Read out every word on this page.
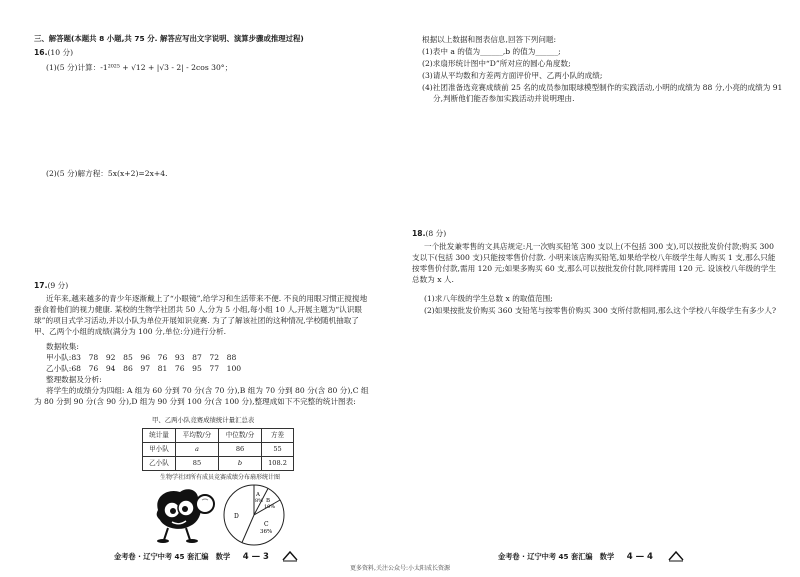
三、解答题(本题共 8 小题,共 75 分. 解答应写出文字说明、演算步骤或推理过程)
16.(10 分)
(1)(5 分)计算：-1²⁰²⁵ + √12 + |√3 - 2| - 2cos 30°；
(2)(5 分)解方程：5x(x+2)=2x+4.
17.(9 分)
近年来,越来越多的青少年逐渐戴上了“小眼镜”,给学习和生活带来不便. 不良的用眼习惯正搅搅地蚕食着他们的视力健康. 某校的生物学社团共 50 人,分为 5 小组,每小组 10 人,开展主题为“认识眼球”的项目式学习活动,并以小队为单位开展知识竞赛. 为了了解该社团的这种情况,学校随机抽取了甲、乙两个小组的成绩(满分为 100 分,单位:分)进行分析.
数据收集:
甲小队:83　78　92　85　96　76　93　87　72　88
乙小队:68　76　94　86　97　81　76　95　77　100
整理数据及分析:
将学生的成绩分为四组: A 组为 60 分到 70 分(含 70 分),B 组为 70 分到 80 分(含 80 分),C 组为 80 分到 90 分(含 90 分),D 组为 90 分到 100 分(含 100 分),整理成如下不完整的统计图表:
甲、乙两小队竞赛成绩统计量汇总表
统计量	平均数/分	中位数/分	方差
甲小队	a	86	55
乙小队	85	b	108.2
生物学社团所有成员竞赛成绩分布扇形统计图
A
8% B
10%
C
36%
D
金考卷 · 辽宁中考 45 套汇编　数学 4 — 3
根据以上数据和图表信息,回答下列问题:
(1)表中 a 的值为______,b 的值为______;
(2)求扇形统计图中“D”所对应的圆心角度数;
(3)请从平均数和方差两方面评价甲、乙两小队的成绩;
(4)社团准备选竞赛成绩前 25 名的成员参加眼球模型制作的实践活动,小明的成绩为 88 分,小亮的成绩为 91 分,判断他们能否参加实践活动并说明理由.
18.(8 分)
一个批发兼零售的文具店规定:凡一次购买铅笔 300 支以上(不包括 300 支),可以按批发价付款;购买 300 支以下(包括 300 支)只能按零售价付款. 小明来该店购买铅笔,如果给学校八年级学生每人购买 1 支,那么只能按零售价付款,需用 120 元;如果多购买 60 支,那么可以按批发价付款,同样需用 120 元. 设该校八年级的学生总数为 x 人.
(1)求八年级的学生总数 x 的取值范围;
(2)如果按批发价购买 360 支铅笔与按零售价购买 300 支所付款相同,那么这个学校八年级学生有多少人?
金考卷 · 辽宁中考 45 套汇编　数学 4 — 4
更多资料,关注公众号:小太阳成长资源
